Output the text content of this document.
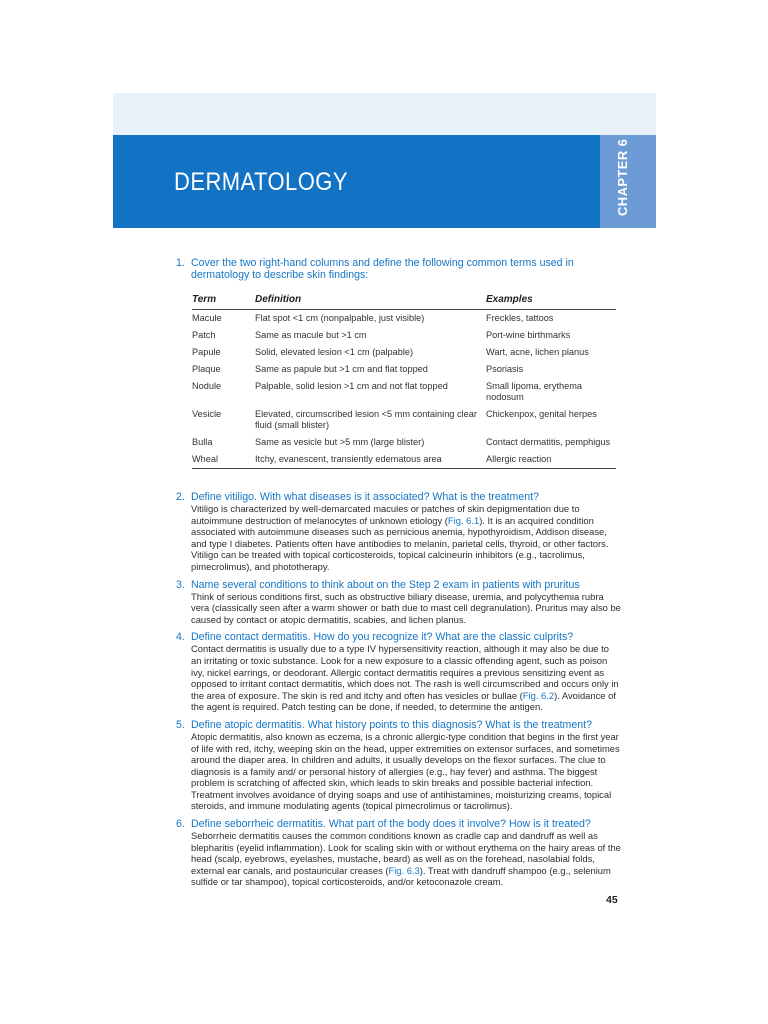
DERMATOLOGY	CHAPTER 6
1. Cover the two right-hand columns and define the following common terms used in dermatology to describe skin findings:
Term	Definition	Examples
Macule	Flat spot <1 cm (nonpalpable, just visible)	Freckles, tattoos
Patch	Same as macule but >1 cm	Port-wine birthmarks
Papule	Solid, elevated lesion <1 cm (palpable)	Wart, acne, lichen planus
Plaque	Same as papule but >1 cm and flat topped	Psoriasis
Nodule	Palpable, solid lesion >1 cm and not flat topped	Small lipoma, erythema nodosum
Vesicle	Elevated, circumscribed lesion <5 mm containing clear fluid (small blister)	Chickenpox, genital herpes
Bulla	Same as vesicle but >5 mm (large blister)	Contact dermatitis, pemphigus
Wheal	Itchy, evanescent, transiently edematous area	Allergic reaction
2. Define vitiligo. With what diseases is it associated? What is the treatment?
Vitiligo is characterized by well-demarcated macules or patches of skin depigmentation due to autoimmune destruction of melanocytes of unknown etiology (Fig. 6.1). It is an acquired condition associated with autoimmune diseases such as pernicious anemia, hypothyroidism, Addison disease, and type I diabetes. Patients often have antibodies to melanin, parietal cells, thyroid, or other factors. Vitiligo can be treated with topical corticosteroids, topical calcineurin inhibitors (e.g., tacrolimus, pimecrolimus), and phototherapy.
3. Name several conditions to think about on the Step 2 exam in patients with pruritus
Think of serious conditions first, such as obstructive biliary disease, uremia, and polycythemia rubra vera (classically seen after a warm shower or bath due to mast cell degranulation). Pruritus may also be caused by contact or atopic dermatitis, scabies, and lichen planus.
4. Define contact dermatitis. How do you recognize it? What are the classic culprits?
Contact dermatitis is usually due to a type IV hypersensitivity reaction, although it may also be due to an irritating or toxic substance. Look for a new exposure to a classic offending agent, such as poison ivy, nickel earrings, or deodorant. Allergic contact dermatitis requires a previous sensitizing event as opposed to irritant contact dermatitis, which does not. The rash is well circumscribed and occurs only in the area of exposure. The skin is red and itchy and often has vesicles or bullae (Fig. 6.2). Avoidance of the agent is required. Patch testing can be done, if needed, to determine the antigen.
5. Define atopic dermatitis. What history points to this diagnosis? What is the treatment?
Atopic dermatitis, also known as eczema, is a chronic allergic-type condition that begins in the first year of life with red, itchy, weeping skin on the head, upper extremities on extensor surfaces, and sometimes around the diaper area. In children and adults, it usually develops on the flexor surfaces. The clue to diagnosis is a family and/ or personal history of allergies (e.g., hay fever) and asthma. The biggest problem is scratching of affected skin, which leads to skin breaks and possible bacterial infection. Treatment involves avoidance of drying soaps and use of antihistamines, moisturizing creams, topical steroids, and immune modulating agents (topical pimecrolimus or tacrolimus).
6. Define seborrheic dermatitis. What part of the body does it involve? How is it treated?
Seborrheic dermatitis causes the common conditions known as cradle cap and dandruff as well as blepharitis (eyelid inflammation). Look for scaling skin with or without erythema on the hairy areas of the head (scalp, eyebrows, eyelashes, mustache, beard) as well as on the forehead, nasolabial folds, external ear canals, and postauricular creases (Fig. 6.3). Treat with dandruff shampoo (e.g., selenium sulfide or tar shampoo), topical corticosteroids, and/or ketoconazole cream.
45
